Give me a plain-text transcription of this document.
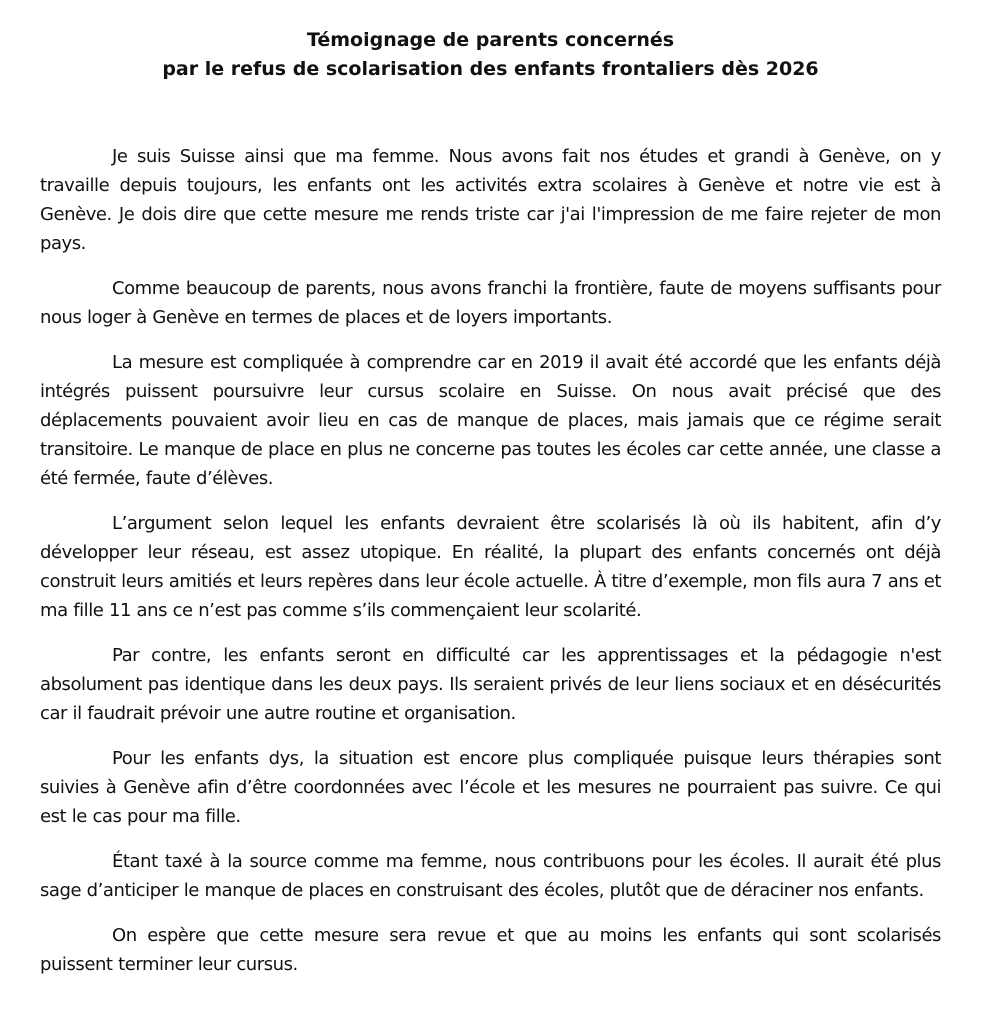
Témoignage de parents concernés
par le refus de scolarisation des enfants frontaliers dès 2026

Je suis Suisse ainsi que ma femme. Nous avons fait nos études et grandi à Genève, on y travaille depuis toujours, les enfants ont les activités extra scolaires à Genève et notre vie est à Genève. Je dois dire que cette mesure me rends triste car j'ai l'impression de me faire rejeter de mon pays.

Comme beaucoup de parents, nous avons franchi la frontière, faute de moyens suffisants pour nous loger à Genève en termes de places et de loyers importants.

La mesure est compliquée à comprendre car en 2019 il avait été accordé que les enfants déjà intégrés puissent poursuivre leur cursus scolaire en Suisse. On nous avait précisé que des déplacements pouvaient avoir lieu en cas de manque de places, mais jamais que ce régime serait transitoire. Le manque de place en plus ne concerne pas toutes les écoles car cette année, une classe a été fermée, faute d’élèves.

L’argument selon lequel les enfants devraient être scolarisés là où ils habitent, afin d’y développer leur réseau, est assez utopique. En réalité, la plupart des enfants concernés ont déjà construit leurs amitiés et leurs repères dans leur école actuelle. À titre d’exemple, mon fils aura 7 ans et ma fille 11 ans ce n’est pas comme s’ils commençaient leur scolarité.

Par contre, les enfants seront en difficulté car les apprentissages et la pédagogie n'est absolument pas identique dans les deux pays. Ils seraient privés de leur liens sociaux et en désécurités car il faudrait prévoir une autre routine et organisation.

Pour les enfants dys, la situation est encore plus compliquée puisque leurs thérapies sont suivies à Genève afin d’être coordonnées avec l’école et les mesures ne pourraient pas suivre. Ce qui est le cas pour ma fille.

Étant taxé à la source comme ma femme, nous contribuons pour les écoles. Il aurait été plus sage d’anticiper le manque de places en construisant des écoles, plutôt que de déraciner nos enfants.

On espère que cette mesure sera revue et que au moins les enfants qui sont scolarisés puissent terminer leur cursus.
